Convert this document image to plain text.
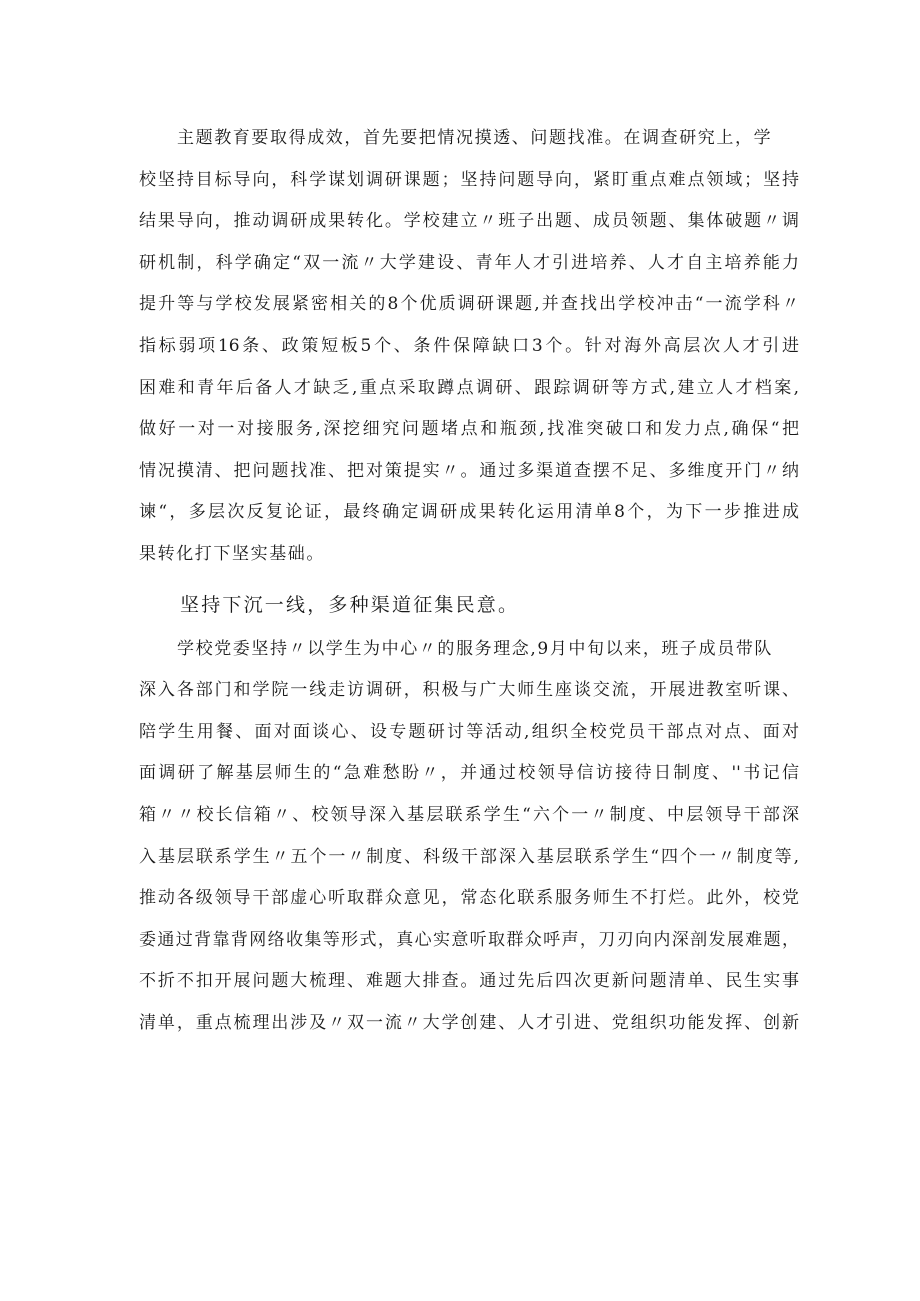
主题教育要取得成效，首先要把情况摸透、问题找准。在调查研究上，学
校坚持目标导向，科学谋划调研课题；坚持问题导向，紧盯重点难点领域；坚持
结果导向，推动调研成果转化。学校建立〃班子出题、成员领题、集体破题〃调
研机制，科学确定“双一流〃大学建设、青年人才引进培养、人才自主培养能力
提升等与学校发展紧密相关的8个优质调研课题,并查找出学校冲击“一流学科〃
指标弱项16条、政策短板5个、条件保障缺口3个。针对海外高层次人才引进
困难和青年后备人才缺乏,重点采取蹲点调研、跟踪调研等方式,建立人才档案,
做好一对一对接服务,深挖细究问题堵点和瓶颈,找准突破口和发力点,确保“把
情况摸清、把问题找准、把对策提实〃。通过多渠道查摆不足、多维度开门〃纳
谏“，多层次反复论证，最终确定调研成果转化运用清单8个，为下一步推进成
果转化打下坚实基础。
坚持下沉一线，多种渠道征集民意。
学校党委坚持〃以学生为中心〃的服务理念,9月中旬以来，班子成员带队
深入各部门和学院一线走访调研，积极与广大师生座谈交流，开展进教室听课、
陪学生用餐、面对面谈心、设专题研讨等活动,组织全校党员干部点对点、面对
面调研了解基层师生的“急难愁盼〃，并通过校领导信访接待日制度、''书记信
箱〃〃校长信箱〃、校领导深入基层联系学生“六个一〃制度、中层领导干部深
入基层联系学生〃五个一〃制度、科级干部深入基层联系学生“四个一〃制度等,
推动各级领导干部虚心听取群众意见，常态化联系服务师生不打烂。此外，校党
委通过背靠背网络收集等形式，真心实意听取群众呼声，刀刃向内深剖发展难题，
不折不扣开展问题大梳理、难题大排查。通过先后四次更新问题清单、民生实事
清单，重点梳理出涉及〃双一流〃大学创建、人才引进、党组织功能发挥、创新
